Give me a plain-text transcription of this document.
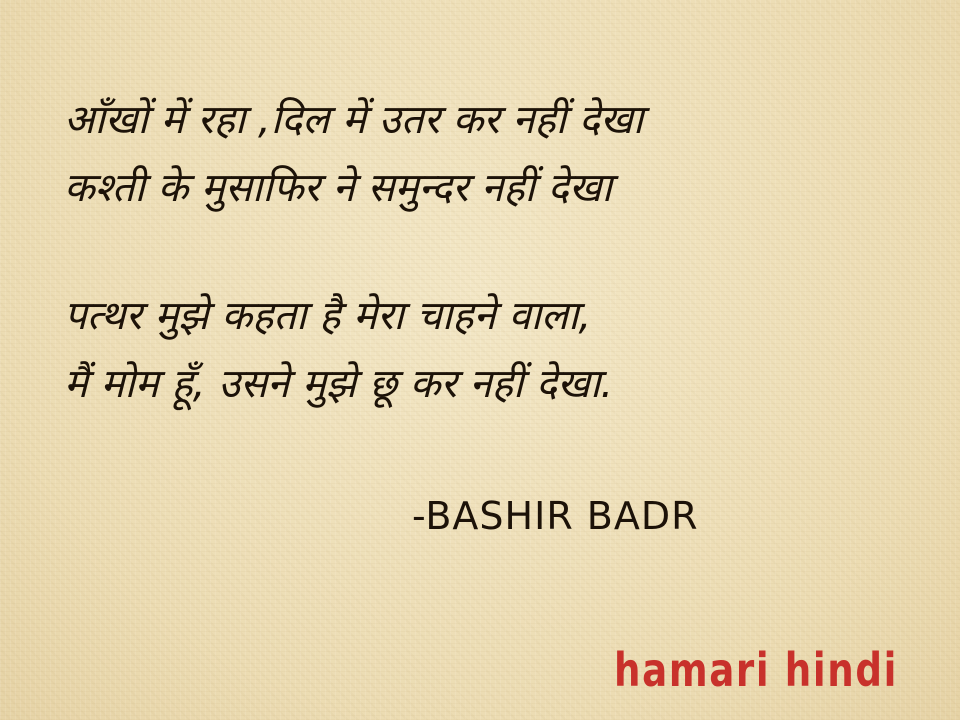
आँखों में रहा ,दिल में उतर कर नहीं देखा

कश्ती के मुसाफिर ने समुन्दर नहीं देखा

पत्थर मुझे कहता है मेरा चाहने वाला,

मैं मोम हूँ, उसने मुझे छू कर नहीं देखा.

-BASHIR BADR
hamari hindi
